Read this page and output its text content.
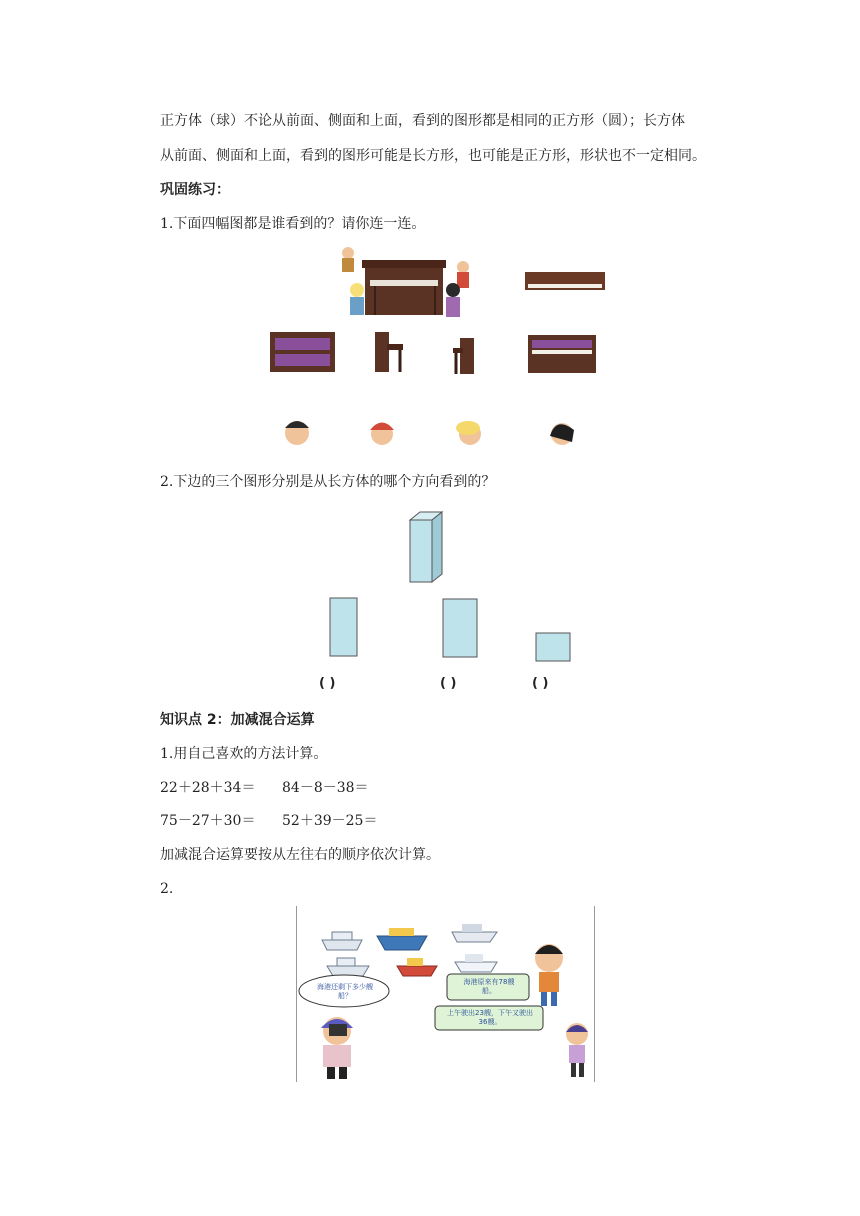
正方体（球）不论从前面、侧面和上面，看到的图形都是相同的正方形（圆）；长方体
从前面、侧面和上面，看到的图形可能是长方形，也可能是正方形，形状也不一定相同。
巩固练习：
1.下面四幅图都是谁看到的？请你连一连。
2.下边的三个图形分别是从长方体的哪个方向看到的？
( )	( )	( )
知识点 2：加减混合运算
1.用自己喜欢的方法计算。
22＋28＋34＝ 84－8－38＝
75－27＋30＝ 52＋39－25＝
加减混合运算要按从左往右的顺序依次计算。
2.
海港还剩下多少艘船？
海港原来有78艘船。
上午驶出23艘，下午又驶出36艘。
